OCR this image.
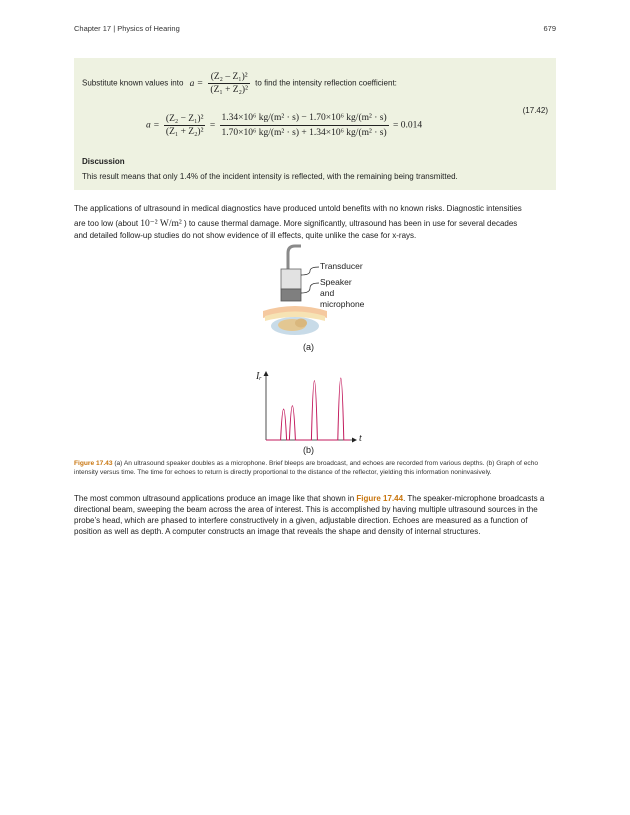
Chapter 17 | Physics of Hearing	679
Substitute known values into $a = \frac{\text{(Z₂ – Z₁)²}}{\text{(Z₁ + Z₂)²}}$ to find the intensity reflection coefficient:
$a = \frac{\text{(Z₂ − Z₁)²}}{\text{(Z₁ + Z₂)²}} = \frac{\text{1.34×10⁶ kg/(m² · s) − 1.70×10⁶ kg/(m² · s)}}{\text{1.70×10⁶ kg/(m² · s) + 1.34×10⁶ kg/(m² · s)}} = 0.014$
(17.42)
Discussion
This result means that only 1.4% of the incident intensity is reflected, with the remaining being transmitted.
The applications of ultrasound in medical diagnostics have produced untold benefits with no known risks. Diagnostic intensities
are too low (about 10⁻² W/m² ) to cause thermal damage. More significantly, ultrasound has been in use for several decades
and detailed follow-up studies do not show evidence of ill effects, quite unlike the case for x-rays.
Transducer
Speaker
and
microphone
(a)
Iᵣ
t
(b)
Figure 17.43 (a) An ultrasound speaker doubles as a microphone. Brief bleeps are broadcast, and echoes are recorded from various depths. (b) Graph of echo intensity versus time. The time for echoes to return is directly proportional to the distance of the reflector, yielding this information noninvasively.
The most common ultrasound applications produce an image like that shown in Figure 17.44. The speaker-microphone broadcasts a directional beam, sweeping the beam across the area of interest. This is accomplished by having multiple ultrasound sources in the probe’s head, which are phased to interfere constructively in a given, adjustable direction. Echoes are measured as a function of position as well as depth. A computer constructs an image that reveals the shape and density of internal structures.
